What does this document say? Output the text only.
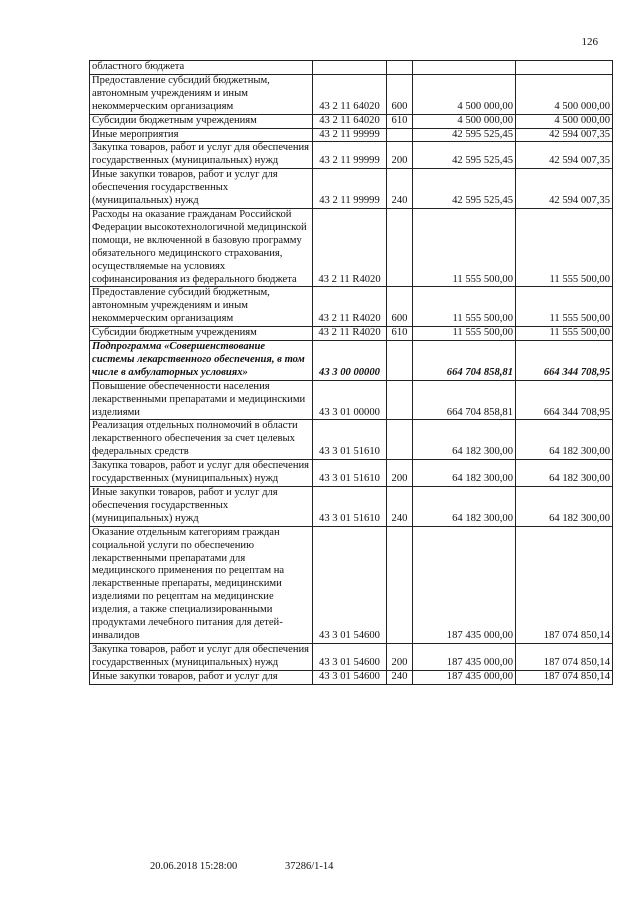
126
областного бюджета				
Предоставление субсидий бюджетным, автономным учреждениям и иным некоммерческим организациям	43 2 11 64020	600	4 500 000,00	4 500 000,00
Субсидии бюджетным учреждениям	43 2 11 64020	610	4 500 000,00	4 500 000,00
Иные мероприятия	43 2 11 99999		42 595 525,45	42 594 007,35
Закупка товаров, работ и услуг для обеспечения государственных (муниципальных) нужд	43 2 11 99999	200	42 595 525,45	42 594 007,35
Иные закупки товаров, работ и услуг для обеспечения государственных (муниципальных) нужд	43 2 11 99999	240	42 595 525,45	42 594 007,35
Расходы на оказание гражданам Российской Федерации высокотехнологичной медицинской помощи, не включенной в базовую программу обязательного медицинского страхования, осуществляемые на условиях софинансирования из федерального бюджета	43 2 11 R4020		11 555 500,00	11 555 500,00
Предоставление субсидий бюджетным, автономным учреждениям и иным некоммерческим организациям	43 2 11 R4020	600	11 555 500,00	11 555 500,00
Субсидии бюджетным учреждениям	43 2 11 R4020	610	11 555 500,00	11 555 500,00
Подпрограмма «Совершенствование системы лекарственного обеспечения, в том числе в амбулаторных условиях»	43 3 00 00000		664 704 858,81	664 344 708,95
Повышение обеспеченности населения лекарственными препаратами и медицинскими изделиями	43 3 01 00000		664 704 858,81	664 344 708,95
Реализация отдельных полномочий в области лекарственного обеспечения за счет целевых федеральных средств	43 3 01 51610		64 182 300,00	64 182 300,00
Закупка товаров, работ и услуг для обеспечения государственных (муниципальных) нужд	43 3 01 51610	200	64 182 300,00	64 182 300,00
Иные закупки товаров, работ и услуг для обеспечения государственных (муниципальных) нужд	43 3 01 51610	240	64 182 300,00	64 182 300,00
Оказание отдельным категориям граждан социальной услуги по обеспечению лекарственными препаратами для медицинского применения по рецептам на лекарственные препараты, медицинскими изделиями по рецептам на медицинские изделия, а также специализированными продуктами лечебного питания для детей-инвалидов	43 3 01 54600		187 435 000,00	187 074 850,14
Закупка товаров, работ и услуг для обеспечения государственных (муниципальных) нужд	43 3 01 54600	200	187 435 000,00	187 074 850,14
Иные закупки товаров, работ и услуг для	43 3 01 54600	240	187 435 000,00	187 074 850,14
20.06.2018 15:28:00	37286/1-14
